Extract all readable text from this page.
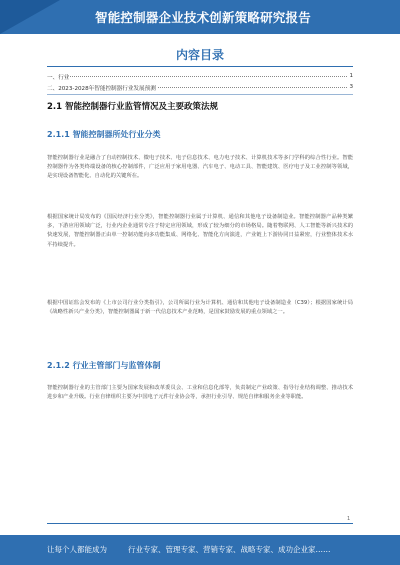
智能控制器企业技术创新策略研究报告
内容目录
一、行业	1
二、2023-2028年智能控制器行业发展预测	3
2.1 智能控制器行业监管情况及主要政策法规
2.1.1 智能控制器所处行业分类
智能控制器行业是融合了自动控制技术、微电子技术、电子信息技术、电力电子技术、计算机技术等多门学科的综合性行业。智能控制器作为各类终端设备的核心控制部件，广泛应用于家用电器、汽车电子、电动工具、智能建筑、医疗电子及工业控制等领域，是实现设备智能化、自动化的关键所在。
根据国家统计局发布的《国民经济行业分类》，智能控制器行业属于计算机、通信和其他电子设备制造业。智能控制器产品种类繁多，下游应用领域广泛，行业内企业通常专注于特定应用领域，形成了较为细分的市场格局。随着物联网、人工智能等新兴技术的快速发展，智能控制器正由单一控制功能向多功能集成、网络化、智能化方向演进，产业链上下游协同日益紧密，行业整体技术水平持续提升。
根据中国证监会发布的《上市公司行业分类指引》，公司所属行业为计算机、通信和其他电子设备制造业（C39）；根据国家统计局《战略性新兴产业分类》，智能控制器属于新一代信息技术产业范畴，是国家鼓励发展的重点领域之一。
2.1.2 行业主管部门与监管体制
智能控制器行业的主管部门主要为国家发展和改革委员会、工业和信息化部等，负责制定产业政策、指导行业结构调整、推动技术进步和产业升级。行业自律组织主要为中国电子元件行业协会等，承担行业引导、规范自律和服务企业等职能。
1
让每个人都能成为	行业专家、管理专家、营销专家、战略专家、成功企业家……
